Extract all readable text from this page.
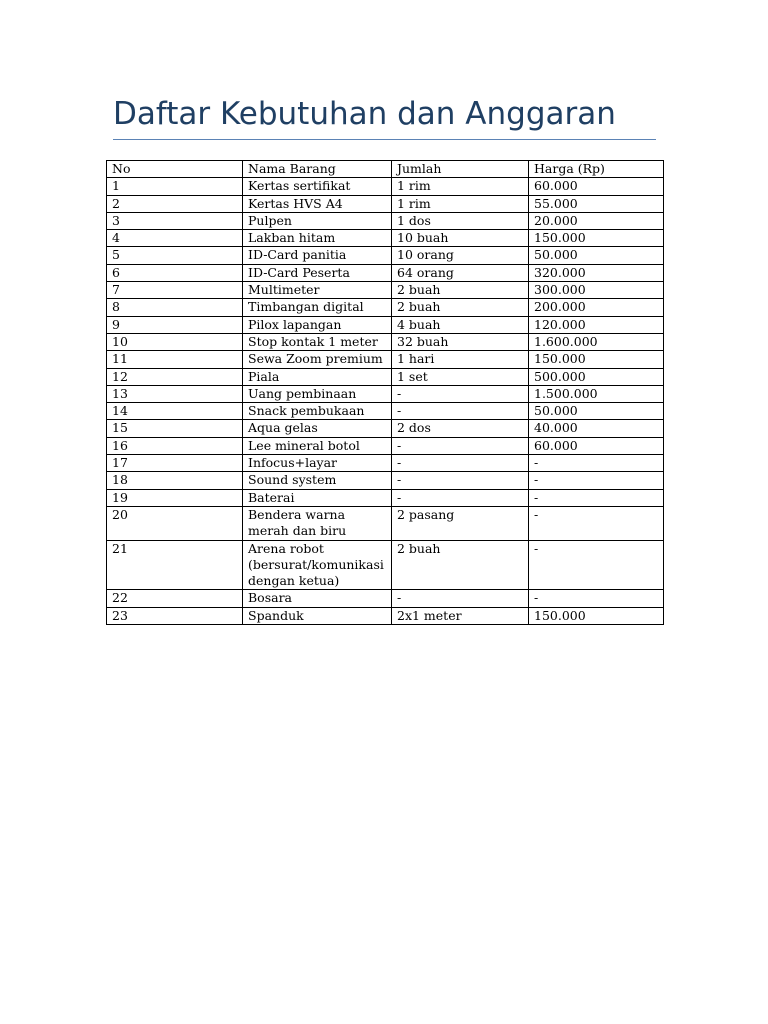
Daftar Kebutuhan dan Anggaran
No	Nama Barang	Jumlah	Harga (Rp)
1	Kertas sertifikat	1 rim	60.000
2	Kertas HVS A4	1 rim	55.000
3	Pulpen	1 dos	20.000
4	Lakban hitam	10 buah	150.000
5	ID-Card panitia	10 orang	50.000
6	ID-Card Peserta	64 orang	320.000
7	Multimeter	2 buah	300.000
8	Timbangan digital	2 buah	200.000
9	Pilox lapangan	4 buah	120.000
10	Stop kontak 1 meter	32 buah	1.600.000
11	Sewa Zoom premium	1 hari	150.000
12	Piala	1 set	500.000
13	Uang pembinaan	-	1.500.000
14	Snack pembukaan	-	50.000
15	Aqua gelas	2 dos	40.000
16	Lee mineral botol	-	60.000
17	Infocus+layar	-	-
18	Sound system	-	-
19	Baterai	-	-
20	Bendera warna merah dan biru	2 pasang	-
21	Arena robot (bersurat/komunikasi dengan ketua)	2 buah	-
22	Bosara	-	-
23	Spanduk	2x1 meter	150.000
